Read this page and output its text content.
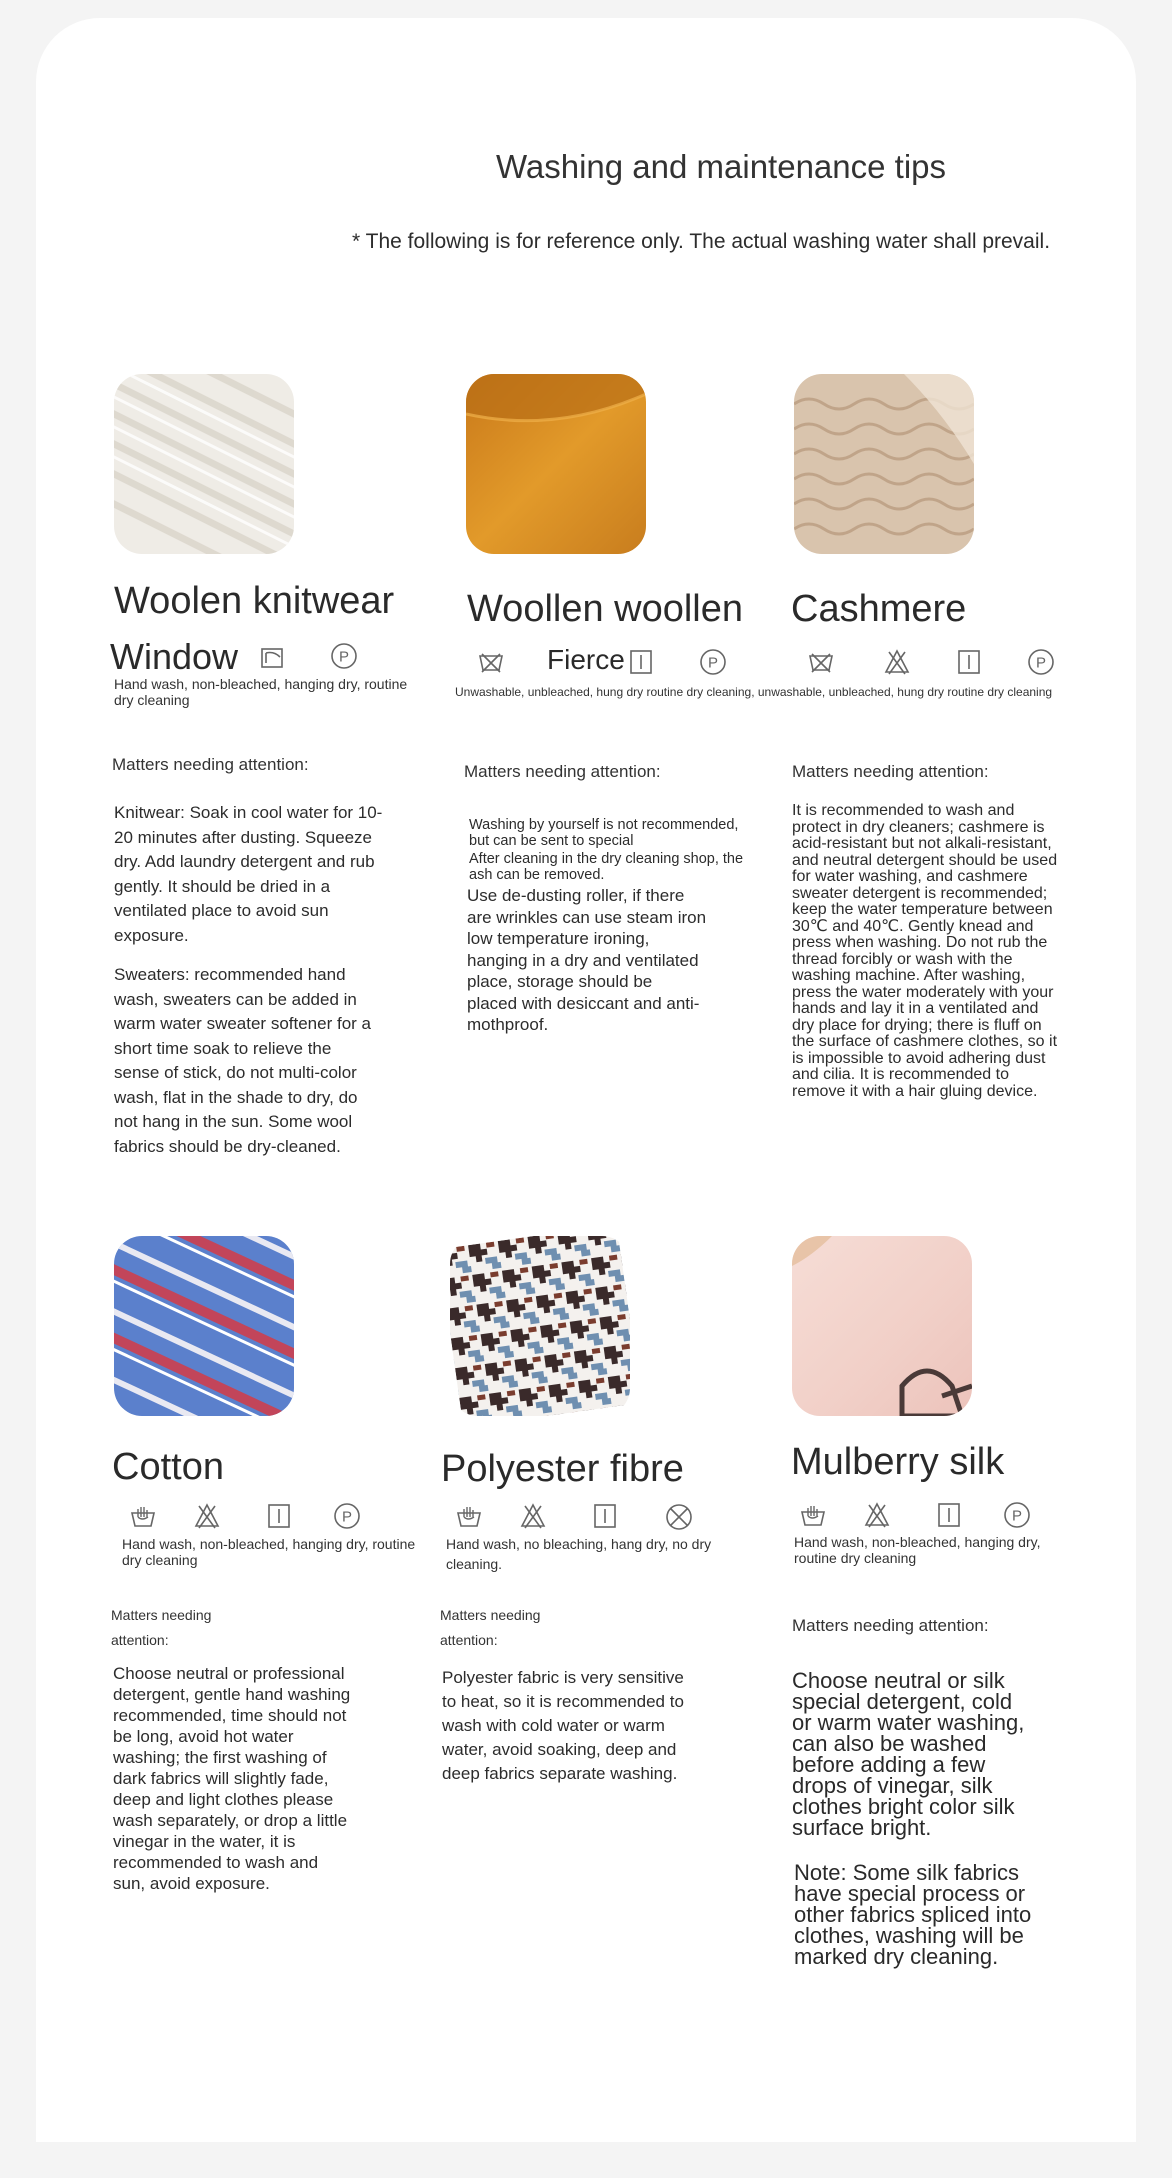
Washing and maintenance tips
* The following is for reference only. The actual washing water shall prevail.
Woolen knitwear
Window	P
Hand wash, non-bleached, hanging dry, routine dry cleaning
Matters needing attention:
Knitwear: Soak in cool water for 10-20 minutes after dusting. Squeeze dry. Add laundry detergent and rub gently. It should be dried in a ventilated place to avoid sun exposure.
Sweaters: recommended hand wash, sweaters can be added in warm water sweater softener for a short time soak to relieve the sense of stick, do not multi-color wash, flat in the shade to dry, do not hang in the sun. Some wool fabrics should be dry-cleaned.
Woollen woollen
Fierce	P
Unwashable, unbleached, hung dry routine dry cleaning, unwashable, unbleached, hung dry routine dry cleaning
Matters needing attention:
Washing by yourself is not recommended, but can be sent to special
After cleaning in the dry cleaning shop, the ash can be removed.
Use de-dusting roller, if there are wrinkles can use steam iron low temperature ironing, hanging in a dry and ventilated place, storage should be placed with desiccant and anti-mothproof.
Cashmere
P
Matters needing attention:
It is recommended to wash and protect in dry cleaners; cashmere is acid-resistant but not alkali-resistant, and neutral detergent should be used for water washing, and cashmere sweater detergent is recommended; keep the water temperature between 30℃ and 40℃. Gently knead and press when washing. Do not rub the thread forcibly or wash with the washing machine. After washing, press the water moderately with your hands and lay it in a ventilated and dry place for drying; there is fluff on the surface of cashmere clothes, so it is impossible to avoid adhering dust and cilia. It is recommended to remove it with a hair gluing device.
Cotton
P
Hand wash, non-bleached, hanging dry, routine dry cleaning
Matters needing attention:
Choose neutral or professional detergent, gentle hand washing recommended, time should not be long, avoid hot water washing; the first washing of dark fabrics will slightly fade, deep and light clothes please wash separately, or drop a little vinegar in the water, it is recommended to wash and sun, avoid exposure.
Polyester fibre
Hand wash, no bleaching, hang dry, no dry cleaning.
Matters needing attention:
Polyester fabric is very sensitive to heat, so it is recommended to wash with cold water or warm water, avoid soaking, deep and deep fabrics separate washing.
Mulberry silk
P
Hand wash, non-bleached, hanging dry, routine dry cleaning
Matters needing attention:
Choose neutral or silk special detergent, cold or warm water washing, can also be washed before adding a few drops of vinegar, silk clothes bright color silk surface bright.
Note: Some silk fabrics have special process or other fabrics spliced into clothes, washing will be marked dry cleaning.
